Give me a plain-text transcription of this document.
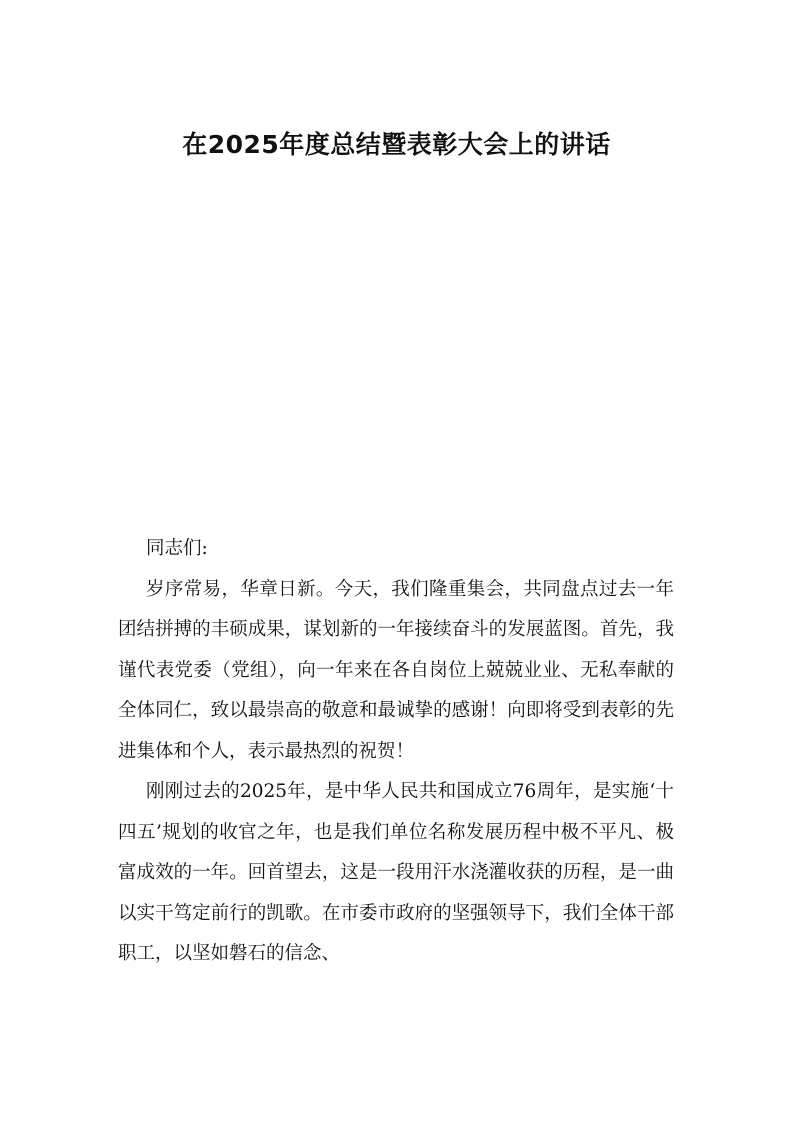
在2025年度总结暨表彰大会上的讲话

同志们:

岁序常易，华章日新。今天，我们隆重集会，共同盘点过去一年团结拼搏的丰硕成果，谋划新的一年接续奋斗的发展蓝图。首先，我谨代表党委（党组），向一年来在各自岗位上兢兢业业、无私奉献的全体同仁，致以最崇高的敬意和最诚挚的感谢！向即将受到表彰的先进集体和个人，表示最热烈的祝贺！

刚刚过去的2025年，是中华人民共和国成立76周年，是实施‘十四五’规划的收官之年，也是我们单位名称发展历程中极不平凡、极富成效的一年。回首望去，这是一段用汗水浇灌收获的历程，是一曲以实干笃定前行的凯歌。在市委市政府的坚强领导下，我们全体干部职工，以坚如磐石的信念、
